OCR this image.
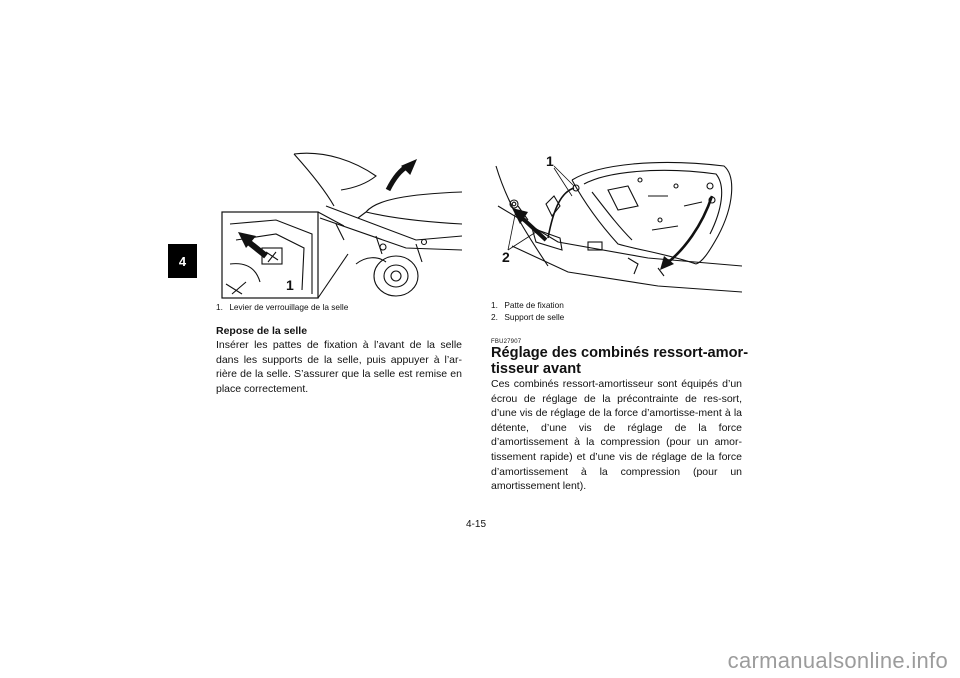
4
1
1. Levier de verrouillage de la selle
Repose de la selle

Insérer les pattes de fixation à l’avant de la selle dans les supports de la selle, puis appuyer à l’ar-rière de la selle. S’assurer que la selle est remise en place correctement.

1
2
1. Patte de fixation
2. Support de selle
FBU27907
Réglage des combinés ressort-amor-tisseur avant

Ces combinés ressort-amortisseur sont équipés d’un écrou de réglage de la précontrainte de res-sort, d’une vis de réglage de la force d’amortisse-ment à la détente, d’une vis de réglage de la force d’amortissement à la compression (pour un amor-tissement rapide) et d’une vis de réglage de la force d’amortissement à la compression (pour un amortissement lent).

4-15
carmanualsonline.info
